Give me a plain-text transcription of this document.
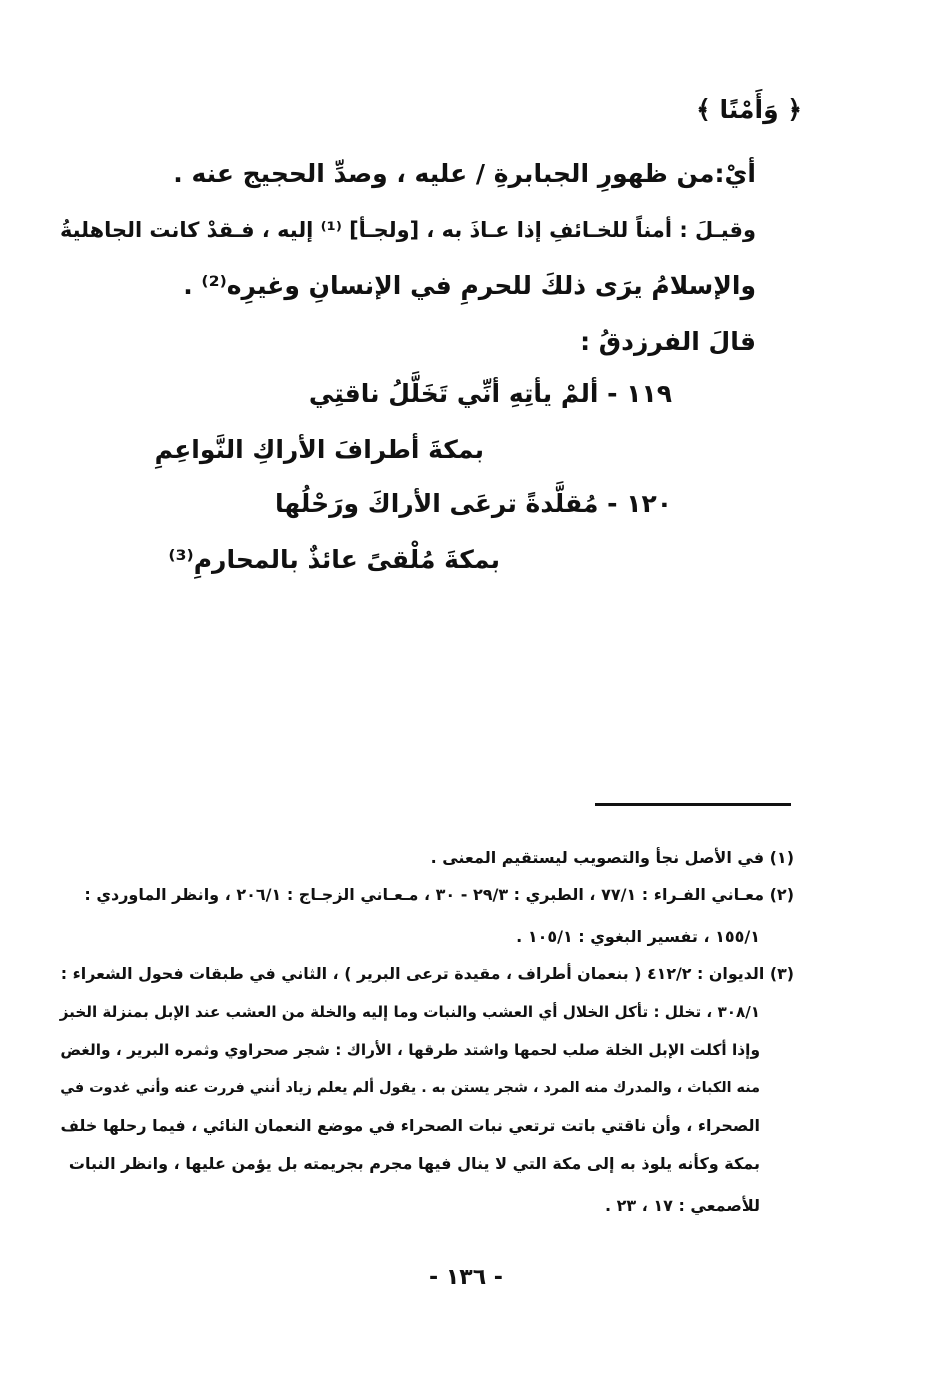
﴿ وَأَمْنًا ﴾
أيْ:من ظهورِ الجبابرةِ / عليه ، وصدِّ الحجيج عنه .
وقيـلَ : أمناً للخـائفِ إذا عـاذَ به ، [ولجـأ] ⁽¹⁾ إليه ، فـقدْ كانت الجاهليةُ
والإسلامُ يرَى ذلكَ للحرمِ في الإنسانِ وغيرِه⁽²⁾ .
قالَ الفرزدقُ :
١١٩ - ألمْ يأتِهِ أنِّي تَخَلَّلُ ناقتِي
بمكةَ أطرافَ الأراكِ النَّواعِمِ
١٢٠ - مُقلَّدةً ترعَى الأراكَ ورَحْلُها
بمكةَ مُلْقىً عائذٌ بالمحارمِ⁽³⁾
(١) في الأصل نجأ والتصويب ليستقيم المعنى .
(٢) معـاني الفـراء : ٧٧/١ ، الطبري : ٢٩/٣ - ٣٠ ، مـعـاني الزجـاج : ٢٠٦/١ ، وانظر الماوردي :
١٥٥/١ ، تفسير البغوي : ١٠٥/١ .
(٣) الديوان : ٤١٢/٢ ( بنعمان أطراف ، مقيدة ترعى البرير ) ، الثاني في طبقات فحول الشعراء :
٣٠٨/١ ، تخلل : تأكل الخلال أي العشب والنبات وما إليه والخلة من العشب عند الإبل بمنزلة الخبز
وإذا أكلت الإبل الخلة صلب لحمها واشتد طرقها ، الأراك : شجر صحراوي وثمره البرير ، والغض
منه الكباث ، والمدرك منه المرد ، شجر يستن به . يقول ألم يعلم زياد أنني فررت عنه وأني غدوت في
الصحراء ، وأن ناقتي باتت ترتعي نبات الصحراء في موضع النعمان النائي ، فيما رحلها خلف
بمكة وكأنه يلوذ به إلى مكة التي لا ينال فيها مجرم بجريمته بل يؤمن عليها ، وانظر النبات
للأصمعي : ١٧ ، ٢٣ .
- ١٣٦ -
